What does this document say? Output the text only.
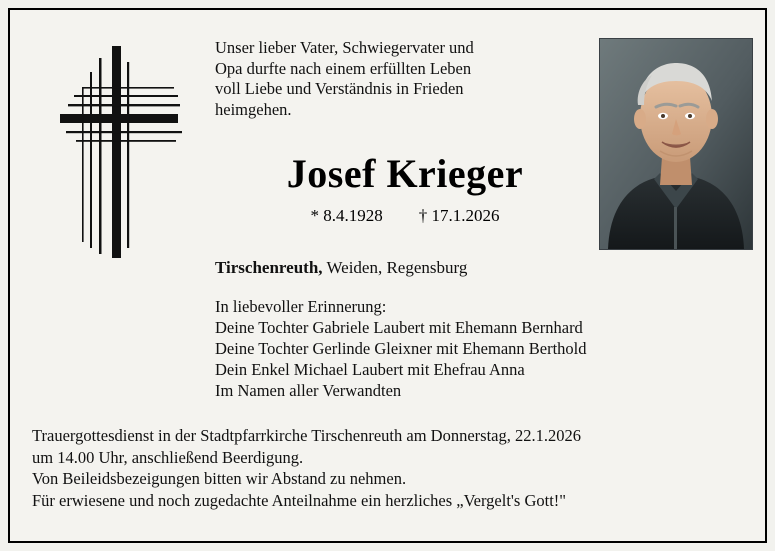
Unser lieber Vater, Schwiegervater und
Opa durfte nach einem erfüllten Leben
voll Liebe und Verständnis in Frieden
heimgehen.
Josef Krieger
* 8.4.1928 † 17.1.2026
Tirschenreuth, Weiden, Regensburg
In liebevoller Erinnerung:
Deine Tochter Gabriele Laubert mit Ehemann Bernhard
Deine Tochter Gerlinde Gleixner mit Ehemann Berthold
Dein Enkel Michael Laubert mit Ehefrau Anna
Im Namen aller Verwandten
Trauergottesdienst in der Stadtpfarrkirche Tirschenreuth am Donnerstag, 22.1.2026
um 14.00 Uhr, anschließend Beerdigung.
Von Beileidsbezeigungen bitten wir Abstand zu nehmen.
Für erwiesene und noch zugedachte Anteilnahme ein herzliches „Vergelt's Gott!"
